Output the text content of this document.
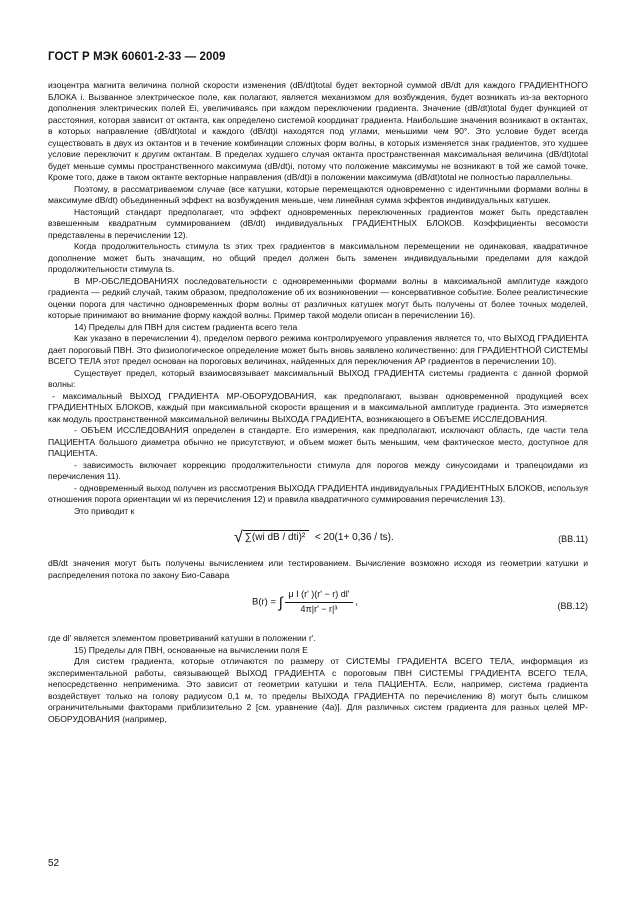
ГОСТ Р МЭК 60601-2-33 — 2009

изоцентра магнита величина полной скорости изменения (dB/dt)total будет векторной суммой dB/dt для каждого ГРАДИЕНТНОГО БЛОКА i. Вызванное электрическое поле, как полагают, является механизмом для возбуждения, будет возникать из-за векторного дополнения электрических полей Ei, увеличиваясь при каждом переключении градиента. Значение (dB/dt)total будет функцией от расстояния, которая зависит от октанта, как определено системой координат градиента. Наибольшие значения возникают в октантах, в которых направление (dB/dt)total и каждого (dB/dt)i находятся под углами, меньшими чем 90°. Это условие будет всегда существовать в двух из октантов и в течение комбинации сложных форм волны, в которых изменяется знак градиентов, это худшее условие переключит к другим октантам. В пределах худшего случая октанта пространственная максимальная величина (dB/dt)total будет меньше суммы пространственного максимума (dB/dt)i, потому что положение максимумы не возникают в той же самой точке. Кроме того, даже в таком октанте векторные направления (dB/dt)i в положении максимума (dB/dt)total не полностью параллельны.

Поэтому, в рассматриваемом случае (все катушки, которые перемещаются одновременно с идентичными формами волны в максимуме dB/dt) объединенный эффект на возбуждения меньше, чем линейная сумма эффектов индивидуальных катушек.

Настоящий стандарт предполагает, что эффект одновременных переключенных градиентов может быть представлен взвешенным квадратным суммированием (dB/dt) индивидуальных ГРАДИЕНТНЫХ БЛОКОВ. Коэффициенты весомости представлены в перечислении 12).

Когда продолжительность стимула ts этих трех градиентов в максимальном перемещении не одинаковая, квадратичное дополнение может быть значащим, но общий предел должен быть заменен индивидуальными пределами для каждой продолжительности стимула ts.

В МР-ОБСЛЕДОВАНИЯХ последовательности с одновременными формами волны в максимальной амплитуде каждого градиента — редкий случай, таким образом, предположение об их возникновении — консервативное событие. Более реалистические оценки порога для частично одновременных форм волны от различных катушек могут быть получены от более точных моделей, которые принимают во внимание форму каждой волны. Пример такой модели описан в перечислении 16).

14) Пределы для ПВН для систем градиента всего тела

Как указано в перечислении 4), пределом первого режима контролируемого управления является то, что ВЫХОД ГРАДИЕНТА дает пороговый ПВН. Это физиологическое определение может быть вновь заявлено количественно: для ГРАДИЕНТНОЙ СИСТЕМЫ ВСЕГО ТЕЛА этот предел основан на пороговых величинах, найденных для переключения AP градиентов в перечислении 10).

Существует предел, который взаимосвязывает максимальный ВЫХОД ГРАДИЕНТА системы градиента с данной формой волны:

- максимальный ВЫХОД ГРАДИЕНТА МР-ОБОРУДОВАНИЯ, как предполагают, вызван одновременной продукцией всех ГРАДИЕНТНЫХ БЛОКОВ, каждый при максимальной скорости вращения и в максимальной амплитуде градиента. Это измеряется как модуль пространственной максимальной величины ВЫХОДА ГРАДИЕНТА, возникающего в ОБЪЕМЕ ИССЛЕДОВАНИЯ.

- ОБЪЕМ ИССЛЕДОВАНИЯ определен в стандарте. Его измерения, как предполагают, исключают область, где части тела ПАЦИЕНТА большого диаметра обычно не присутствуют, и объем может быть меньшим, чем фактическое место, доступное для ПАЦИЕНТА.

- зависимость включает коррекцию продолжительности стимула для порогов между синусоидами и трапецоидами из перечисления 11).

- одновременный выход получен из рассмотрения ВЫХОДА ГРАДИЕНТА индивидуальных ГРАДИЕНТНЫХ БЛОКОВ, используя отношения порога ориентации wi из перечисления 12) и правила квадратичного суммирования перечисления 13).

Это приводит к

√ ∑(wi dB / dti)² < 20(1+ 0,36 / ts).	(BB.11)

dB/dt значения могут быть получены вычислением или тестированием. Вычисление возможно исходя из геометрии катушки и распределения потока по закону Био-Савара

B(r) = ∫ $\frac{\text{μ I (r' )(r' − r) dl'}}{\text{4π|r' − r|³}}$ ,	(BB.12)

где dl' является элементом проветриваний катушки в положении r'.

15) Пределы для ПВН, основанные на вычислении поля E

Для систем градиента, которые отличаются по размеру от СИСТЕМЫ ГРАДИЕНТА ВСЕГО ТЕЛА, информация из экспериментальной работы, связывающей ВЫХОД ГРАДИЕНТА с пороговым ПВН СИСТЕМЫ ГРАДИЕНТА ВСЕГО ТЕЛА, непосредственно неприменима. Это зависит от геометрии катушки и тела ПАЦИЕНТА. Если, например, система градиента воздействует только на голову радиусом 0,1 м, то пределы ВЫХОДА ГРАДИЕНТА по перечислению 8) могут быть слишком ограничительными факторами приблизительно 2 [см. уравнение (4a)]. Для различных систем градиента для разных целей МР-ОБОРУДОВАНИЯ (например,

52
